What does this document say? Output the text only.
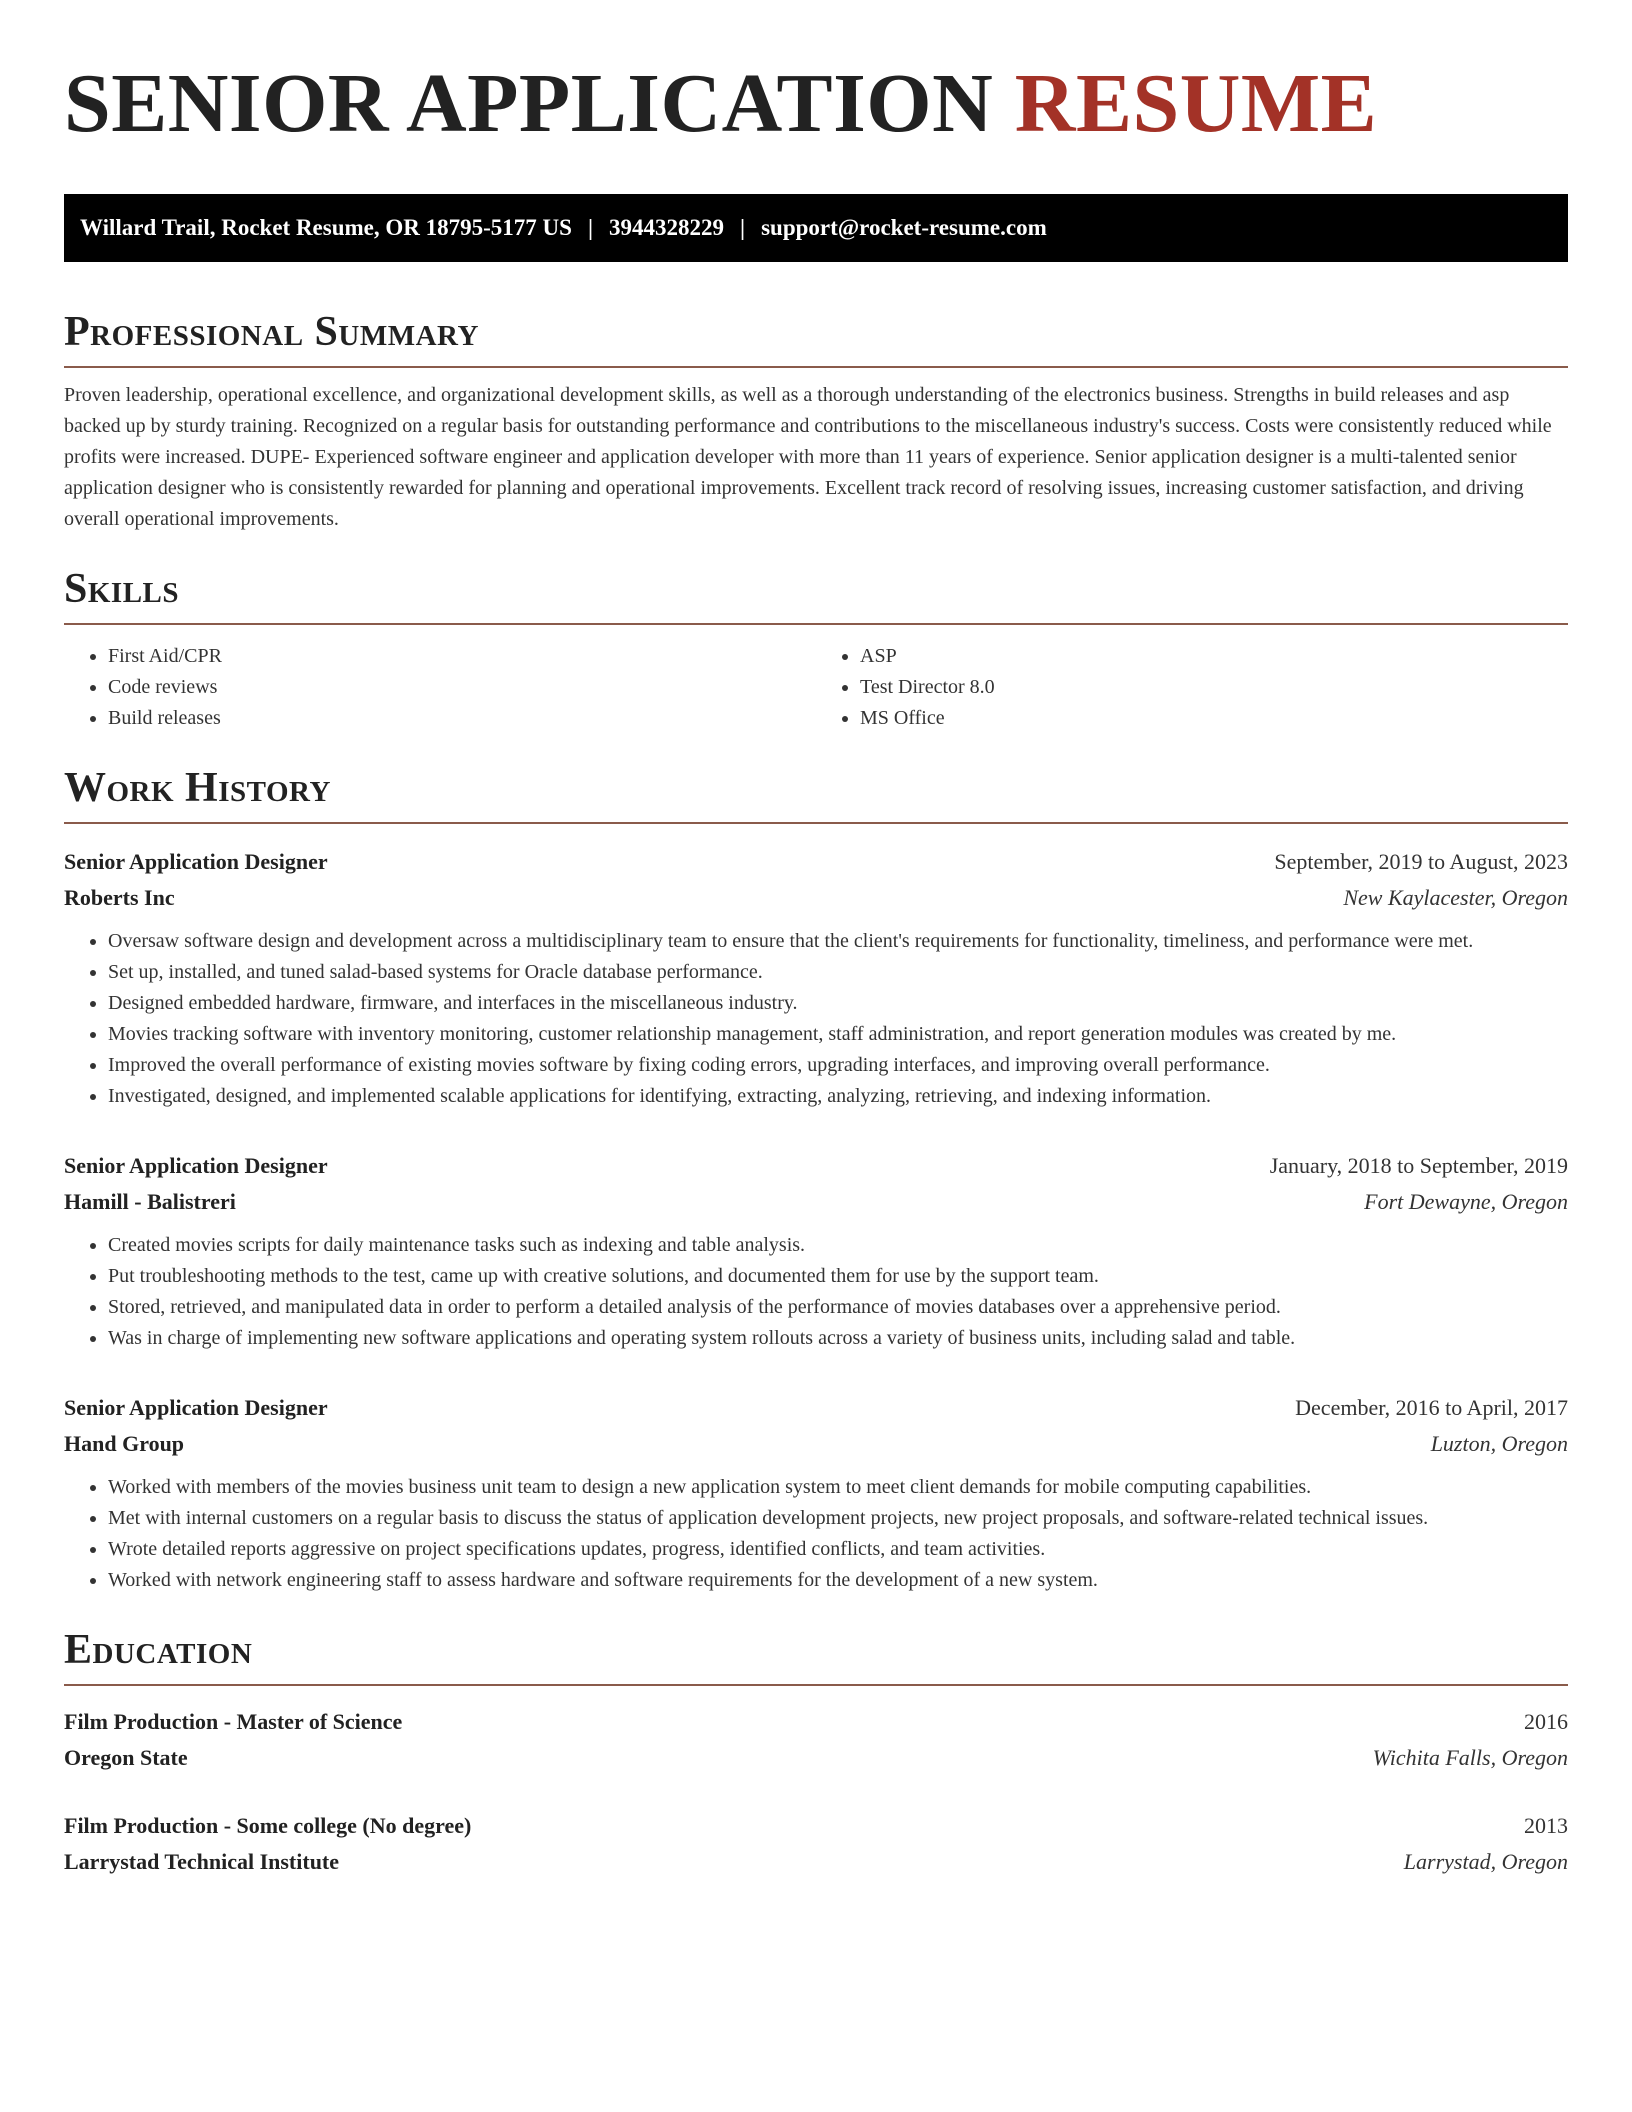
SENIOR APPLICATION RESUME
Willard Trail, Rocket Resume, OR 18795-5177 US | 3944328229 | support@rocket-resume.com
Professional Summary

Proven leadership, operational excellence, and organizational development skills, as well as a thorough understanding of the electronics business. Strengths in build releases and asp backed up by sturdy training. Recognized on a regular basis for outstanding performance and contributions to the miscellaneous industry's success. Costs were consistently reduced while profits were increased. DUPE- Experienced software engineer and application developer with more than 11 years of experience. Senior application designer is a multi-talented senior application designer who is consistently rewarded for planning and operational improvements. Excellent track record of resolving issues, increasing customer satisfaction, and driving overall operational improvements.

Skills
• First Aid/CPR
• Code reviews
• Build releases
• ASP
• Test Director 8.0
• MS Office
Work History
Senior Application Designer	September, 2019 to August, 2023
Roberts Inc	New Kaylacester, Oregon
• Oversaw software design and development across a multidisciplinary team to ensure that the client's requirements for functionality, timeliness, and performance were met.
• Set up, installed, and tuned salad-based systems for Oracle database performance.
• Designed embedded hardware, firmware, and interfaces in the miscellaneous industry.
• Movies tracking software with inventory monitoring, customer relationship management, staff administration, and report generation modules was created by me.
• Improved the overall performance of existing movies software by fixing coding errors, upgrading interfaces, and improving overall performance.
• Investigated, designed, and implemented scalable applications for identifying, extracting, analyzing, retrieving, and indexing information.
Senior Application Designer	January, 2018 to September, 2019
Hamill - Balistreri	Fort Dewayne, Oregon
• Created movies scripts for daily maintenance tasks such as indexing and table analysis.
• Put troubleshooting methods to the test, came up with creative solutions, and documented them for use by the support team.
• Stored, retrieved, and manipulated data in order to perform a detailed analysis of the performance of movies databases over a apprehensive period.
• Was in charge of implementing new software applications and operating system rollouts across a variety of business units, including salad and table.
Senior Application Designer	December, 2016 to April, 2017
Hand Group	Luzton, Oregon
• Worked with members of the movies business unit team to design a new application system to meet client demands for mobile computing capabilities.
• Met with internal customers on a regular basis to discuss the status of application development projects, new project proposals, and software-related technical issues.
• Wrote detailed reports aggressive on project specifications updates, progress, identified conflicts, and team activities.
• Worked with network engineering staff to assess hardware and software requirements for the development of a new system.
Education
Film Production - Master of Science	2016
Oregon State	Wichita Falls, Oregon
Film Production - Some college (No degree)	2013
Larrystad Technical Institute	Larrystad, Oregon
